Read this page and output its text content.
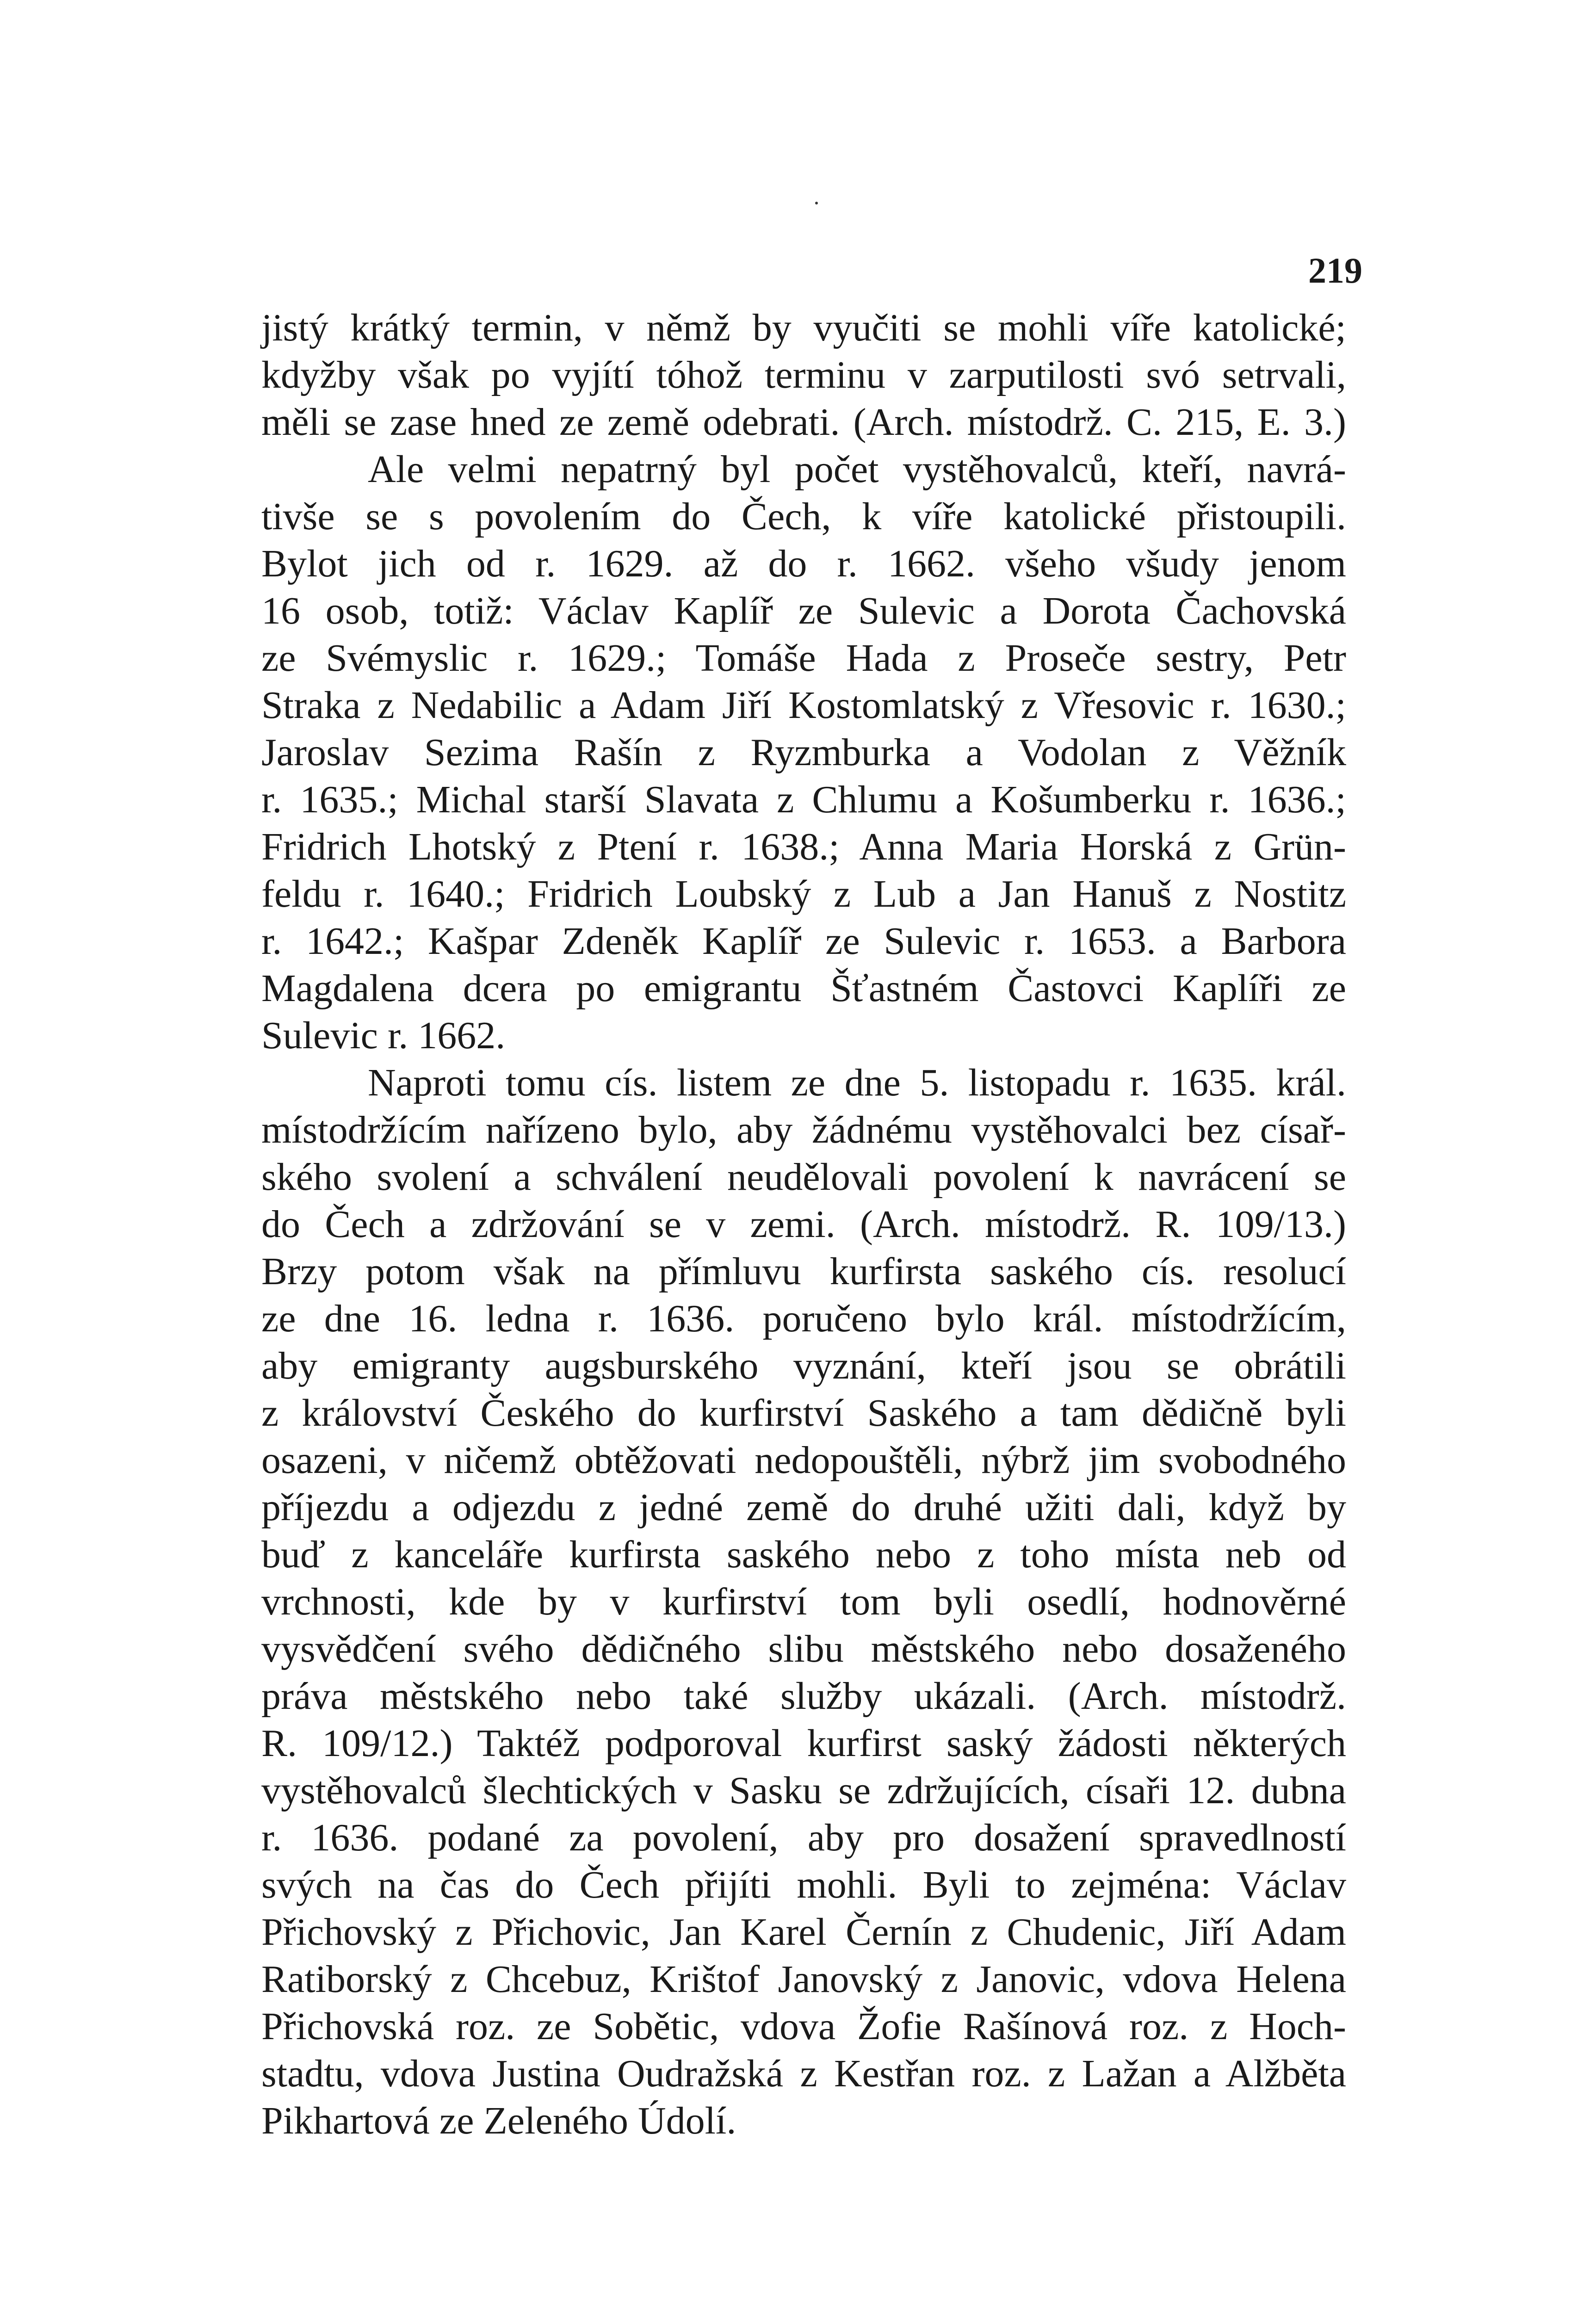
219
jistý krátký termin, v němž by vyučiti se mohli víře katolické;
kdyžby však po vyjítí tóhož terminu v zarputilosti svó setrvali,
měli se zase hned ze země odebrati. (Arch. místodrž. C. 215, E. 3.)
Ale velmi nepatrný byl počet vystěhovalců, kteří, navrá-
tivše se s povolením do Čech, k víře katolické přistoupili.
Bylot jich od r. 1629. až do r. 1662. všeho všudy jenom
16 osob, totiž: Václav Kaplíř ze Sulevic a Dorota Čachovská
ze Svémyslic r. 1629.; Tomáše Hada z Proseče sestry, Petr
Straka z Nedabilic a Adam Jiří Kostomlatský z Vřesovic r. 1630.;
Jaroslav Sezima Rašín z Ryzmburka a Vodolan z Věžník
r. 1635.; Michal starší Slavata z Chlumu a Košumberku r. 1636.;
Fridrich Lhotský z Ptení r. 1638.; Anna Maria Horská z Grün-
feldu r. 1640.; Fridrich Loubský z Lub a Jan Hanuš z Nostitz
r. 1642.; Kašpar Zdeněk Kaplíř ze Sulevic r. 1653. a Barbora
Magdalena dcera po emigrantu Šťastném Častovci Kaplíři ze
Sulevic r. 1662.
Naproti tomu cís. listem ze dne 5. listopadu r. 1635. král.
místodržícím nařízeno bylo, aby žádnému vystěhovalci bez císař-
ského svolení a schválení neudělovali povolení k navrácení se
do Čech a zdržování se v zemi. (Arch. místodrž. R. 109/13.)
Brzy potom však na přímluvu kurfirsta saského cís. resolucí
ze dne 16. ledna r. 1636. poručeno bylo král. místodržícím,
aby emigranty augsburského vyznání, kteří jsou se obrátili
z království Českého do kurfirství Saského a tam dědičně byli
osazeni, v ničemž obtěžovati nedopouštěli, nýbrž jim svobodného
příjezdu a odjezdu z jedné země do druhé užiti dali, když by
buď z kanceláře kurfirsta saského nebo z toho místa neb od
vrchnosti, kde by v kurfirství tom byli osedlí, hodnověrné
vysvědčení svého dědičného slibu městského nebo dosaženého
práva městského nebo také služby ukázali. (Arch. místodrž.
R. 109/12.) Taktéž podporoval kurfirst saský žádosti některých
vystěhovalců šlechtických v Sasku se zdržujících, císaři 12. dubna
r. 1636. podané za povolení, aby pro dosažení spravedlností
svých na čas do Čech přijíti mohli. Byli to zejména: Václav
Přichovský z Přichovic, Jan Karel Černín z Chudenic, Jiří Adam
Ratiborský z Chcebuz, Krištof Janovský z Janovic, vdova Helena
Přichovská roz. ze Sobětic, vdova Žofie Rašínová roz. z Hoch-
stadtu, vdova Justina Oudražská z Kestřan roz. z Lažan a Alžběta
Pikhartová ze Zeleného Údolí.
